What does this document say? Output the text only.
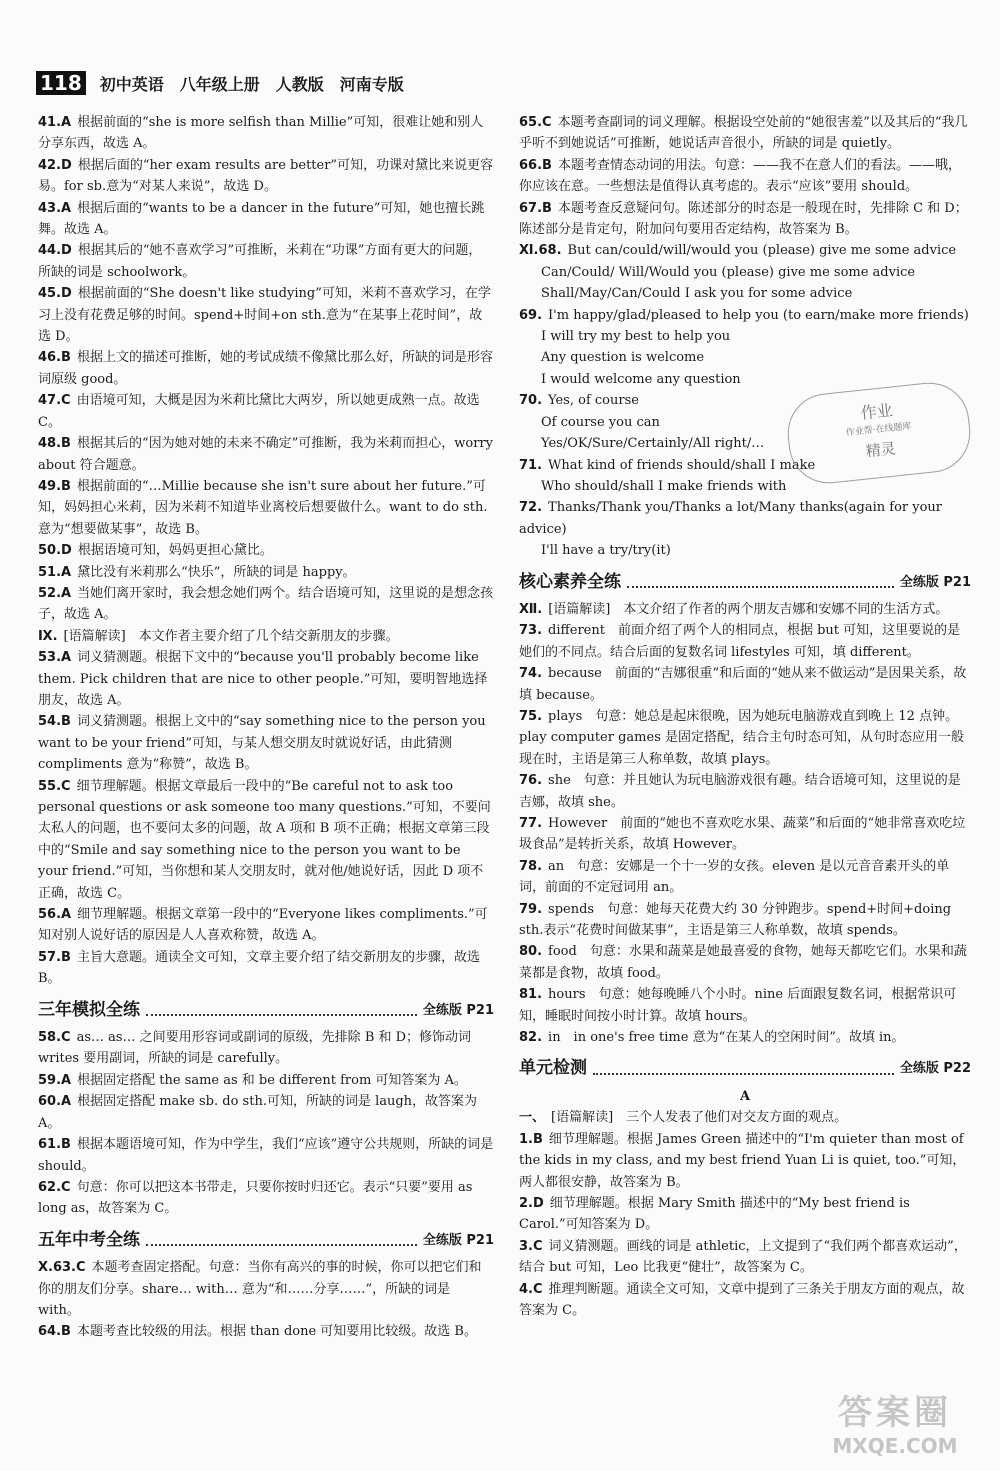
118 初中英语　八年级上册　人教版　河南专版

41.A 根据前面的“she is more selfish than Millie”可知，很难让她和别人分享东西，故选 A。

42.D 根据后面的“her exam results are better”可知，功课对黛比来说更容易。for sb.意为“对某人来说”，故选 D。

43.A 根据后面的“wants to be a dancer in the future”可知，她也擅长跳舞。故选 A。

44.D 根据其后的“她不喜欢学习”可推断，米莉在“功课”方面有更大的问题，所缺的词是 schoolwork。

45.D 根据前面的“She doesn't like studying”可知，米莉不喜欢学习，在学习上没有花费足够的时间。spend+时间+on sth.意为“在某事上花时间”，故选 D。

46.B 根据上文的描述可推断，她的考试成绩不像黛比那么好，所缺的词是形容词原级 good。

47.C 由语境可知，大概是因为米莉比黛比大两岁，所以她更成熟一点。故选 C。

48.B 根据其后的“因为她对她的未来不确定”可推断，我为米莉而担心，worry about 符合题意。

49.B 根据前面的“…Millie because she isn't sure about her future.”可知，妈妈担心米莉，因为米莉不知道毕业离校后想要做什么。want to do sth.意为“想要做某事”，故选 B。

50.D 根据语境可知，妈妈更担心黛比。

51.A 黛比没有米莉那么“快乐”，所缺的词是 happy。

52.A 当她们离开家时，我会想念她们两个。结合语境可知，这里说的是想念孩子，故选 A。

Ⅸ. [语篇解读]　本文作者主要介绍了几个结交新朋友的步骤。

53.A 词义猜测题。根据下文中的“because you'll probably become like them. Pick children that are nice to other people.”可知，要明智地选择朋友，故选 A。

54.B 词义猜测题。根据上文中的“say something nice to the person you want to be your friend”可知，与某人想交朋友时就说好话，由此猜测 compliments 意为“称赞”，故选 B。

55.C 细节理解题。根据文章最后一段中的“Be careful not to ask too personal questions or ask someone too many questions.”可知，不要问太私人的问题，也不要问太多的问题，故 A 项和 B 项不正确；根据文章第三段中的“Smile and say something nice to the person you want to be your friend.”可知，当你想和某人交朋友时，就对他/她说好话，因此 D 项不正确，故选 C。

56.A 细节理解题。根据文章第一段中的“Everyone likes compliments.”可知对别人说好话的原因是人人喜欢称赞，故选 A。

57.B 主旨大意题。通读全文可知，文章主要介绍了结交新朋友的步骤，故选 B。

三年模拟全练	全练版 P21

58.C as… as… 之间要用形容词或副词的原级，先排除 B 和 D；修饰动词 writes 要用副词，所缺的词是 carefully。

59.A 根据固定搭配 the same as 和 be different from 可知答案为 A。

60.A 根据固定搭配 make sb. do sth.可知，所缺的词是 laugh，故答案为 A。

61.B 根据本题语境可知，作为中学生，我们“应该”遵守公共规则，所缺的词是 should。

62.C 句意：你可以把这本书带走，只要你按时归还它。表示“只要”要用 as long as，故答案为 C。

五年中考全练	全练版 P21

Ⅹ.63.C 本题考查固定搭配。句意：当你有高兴的事的时候，你可以把它们和你的朋友们分享。share… with… 意为“和……分享……”，所缺的词是 with。

64.B 本题考查比较级的用法。根据 than done 可知要用比较级。故选 B。

65.C 本题考查副词的词义理解。根据设空处前的“她很害羞”以及其后的“我几乎听不到她说话”可推断，她说话声音很小，所缺的词是 quietly。

66.B 本题考查情态动词的用法。句意：——我不在意人们的看法。——哦，你应该在意。一些想法是值得认真考虑的。表示“应该”要用 should。

67.B 本题考查反意疑问句。陈述部分的时态是一般现在时，先排除 C 和 D；陈述部分是肯定句，附加问句要用否定结构，故答案为 B。

Ⅺ.68. But can/could/will/would you (please) give me some advice

Can/Could/ Will/Would you (please) give me some advice

Shall/May/Can/Could I ask you for some advice

69. I'm happy/glad/pleased to help you (to earn/make more friends)

I will try my best to help you

Any question is welcome

I would welcome any question

70. Yes, of course

Of course you can

Yes/OK/Sure/Certainly/All right/…

71. What kind of friends should/shall I make

Who should/shall I make friends with

72. Thanks/Thank you/Thanks a lot/Many thanks(again for your advice)

I'll have a try/try(it)

核心素养全练	全练版 P21

Ⅻ. [语篇解读]　本文介绍了作者的两个朋友吉娜和安娜不同的生活方式。

73. different　前面介绍了两个人的相同点，根据 but 可知，这里要说的是她们的不同点。结合后面的复数名词 lifestyles 可知，填 different。

74. because　前面的“吉娜很重”和后面的“她从来不做运动”是因果关系，故填 because。

75. plays　句意：她总是起床很晚，因为她玩电脑游戏直到晚上 12 点钟。play computer games 是固定搭配，结合主句时态可知，从句时态应用一般现在时，主语是第三人称单数，故填 plays。

76. she　句意：并且她认为玩电脑游戏很有趣。结合语境可知，这里说的是吉娜，故填 she。

77. However　前面的“她也不喜欢吃水果、蔬菜”和后面的“她非常喜欢吃垃圾食品”是转折关系，故填 However。

78. an　句意：安娜是一个十一岁的女孩。eleven 是以元音音素开头的单词，前面的不定冠词用 an。

79. spends　句意：她每天花费大约 30 分钟跑步。spend+时间+doing sth.表示“花费时间做某事”，主语是第三人称单数，故填 spends。

80. food　句意：水果和蔬菜是她最喜爱的食物，她每天都吃它们。水果和蔬菜都是食物，故填 food。

81. hours　句意：她每晚睡八个小时。nine 后面跟复数名词，根据常识可知，睡眠时间按小时计算。故填 hours。

82. in　in one's free time 意为“在某人的空闲时间”。故填 in。

单元检测	全练版 P22

A

一、 [语篇解读]　三个人发表了他们对交友方面的观点。

1.B 细节理解题。根据 James Green 描述中的“I'm quieter than most of the kids in my class, and my best friend Yuan Li is quiet, too.”可知，两人都很安静，故答案为 B。

2.D 细节理解题。根据 Mary Smith 描述中的“My best friend is Carol.”可知答案为 D。

3.C 词义猜测题。画线的词是 athletic，上文提到了“我们两个都喜欢运动”，结合 but 可知，Leo 比我更“健壮”，故答案为 C。

4.C 推理判断题。通读全文可知，文章中提到了三条关于朋友方面的观点，故答案为 C。

作业
作业帮·在线题库
精灵
答案圈
MXQE.COM
